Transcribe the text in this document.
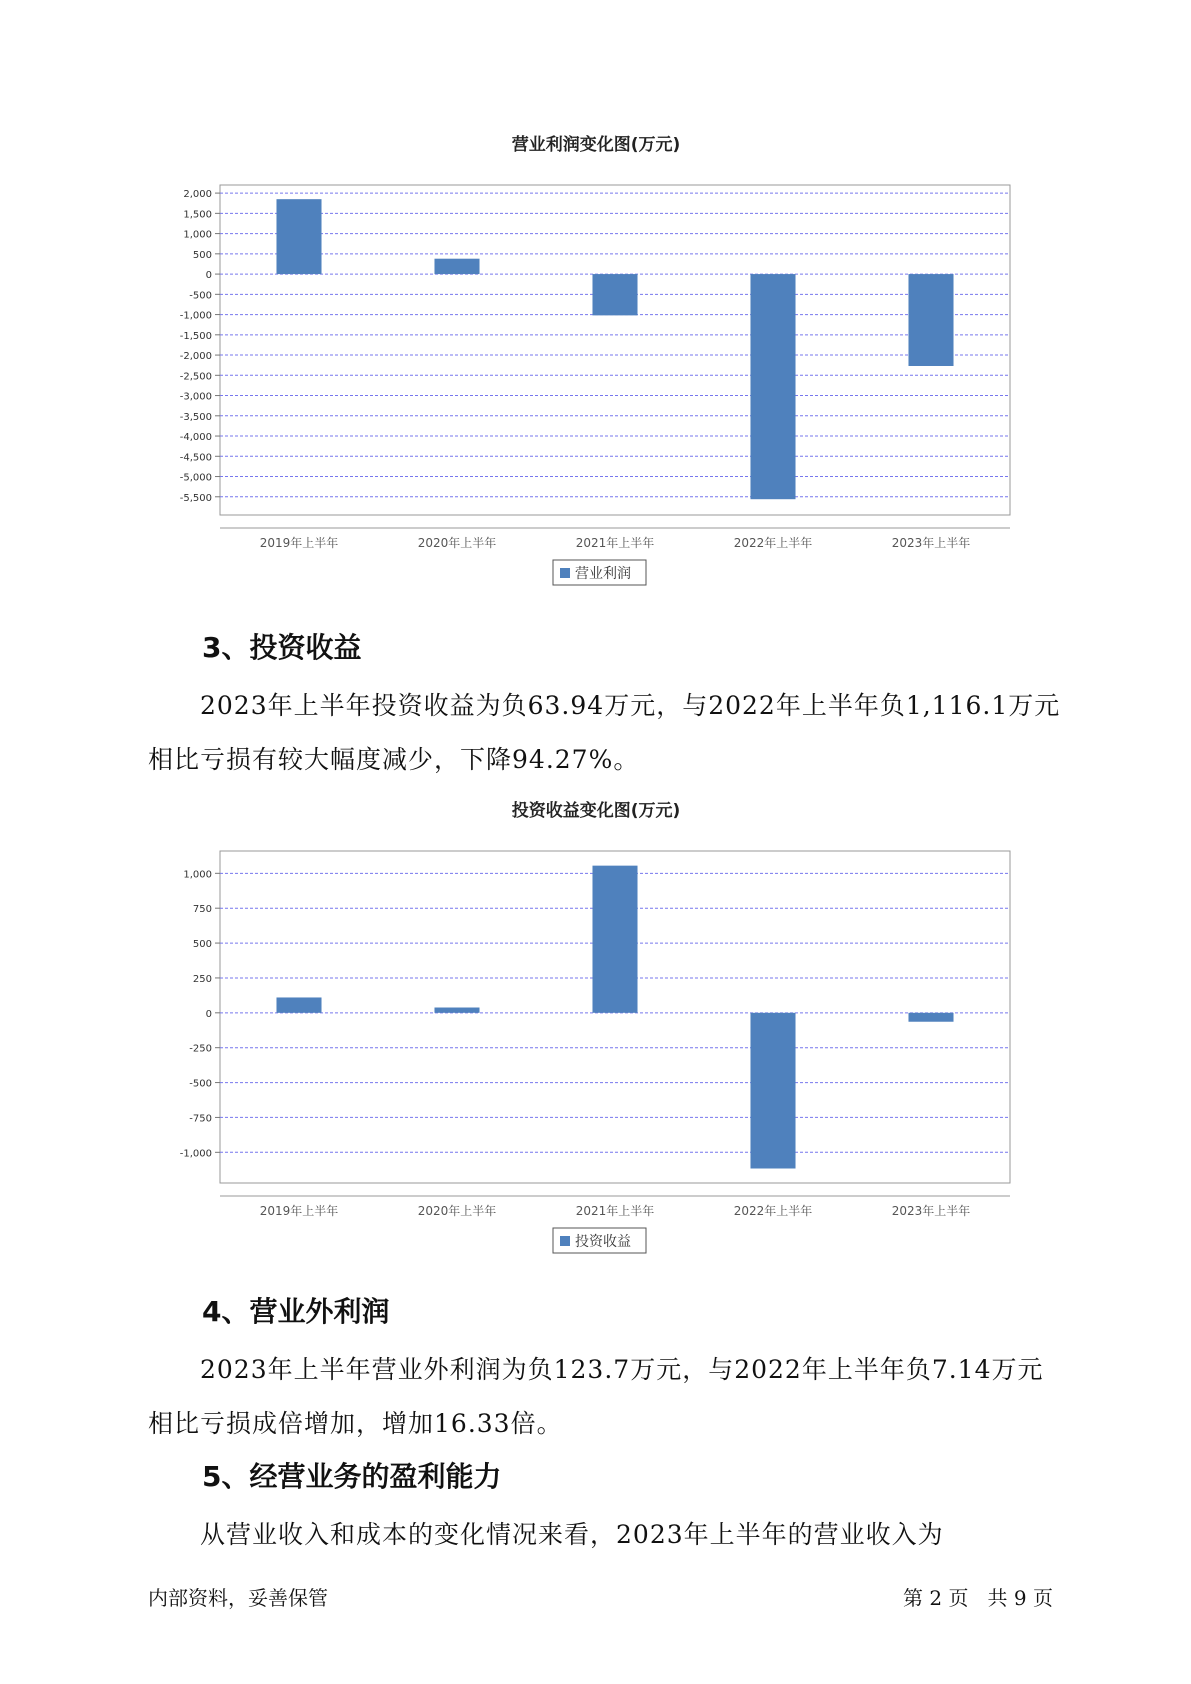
营业利润变化图(万元)
2,000
1,500
1,000
500
0
-500
-1,000
-1,500
-2,000
-2,500
-3,000
-3,500
-4,000
-4,500
-5,000
-5,500
2019年上半年	2020年上半年	2021年上半年	2022年上半年	2023年上半年
营业利润
3、投资收益

2023年上半年投资收益为负63.94万元，与2022年上半年负1,116.1万元相比亏损有较大幅度减少，下降94.27%。

投资收益变化图(万元)
1,000
750
500
250
0
-250
-500
-750
-1,000
2019年上半年	2020年上半年	2021年上半年	2022年上半年	2023年上半年
投资收益
4、营业外利润

2023年上半年营业外利润为负123.7万元，与2022年上半年负7.14万元相比亏损成倍增加，增加16.33倍。

5、经营业务的盈利能力

从营业收入和成本的变化情况来看，2023年上半年的营业收入为

内部资料，妥善保管	第 2 页   共 9 页
